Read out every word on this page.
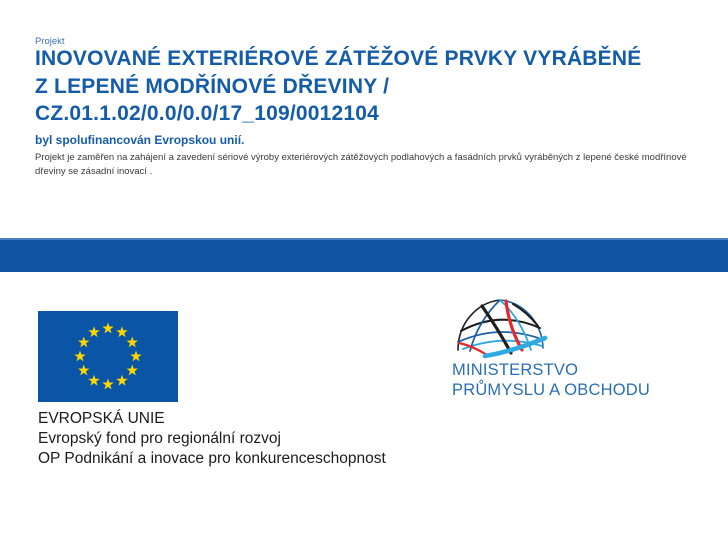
Projekt
INOVOVANÉ EXTERIÉROVÉ ZÁTĚŽOVÉ PRVKY VYRÁBĚNÉ
Z LEPENÉ MODŘÍNOVÉ DŘEVINY /
CZ.01.1.02/0.0/0.0/17_109/0012104
byl spolufinancován Evropskou unií.

Projekt je zaměřen na zahájení a zavedení sériové výroby exteriérových zátěžových podlahových a fasádních prvků vyráběných z lepené české modřínové dřeviny se zásadní inovací .

EVROPSKÁ UNIE
Evropský fond pro regionální rozvoj
OP Podnikání a inovace pro konkurenceschopnost
MINISTERSTVO
PRŮMYSLU A OBCHODU
